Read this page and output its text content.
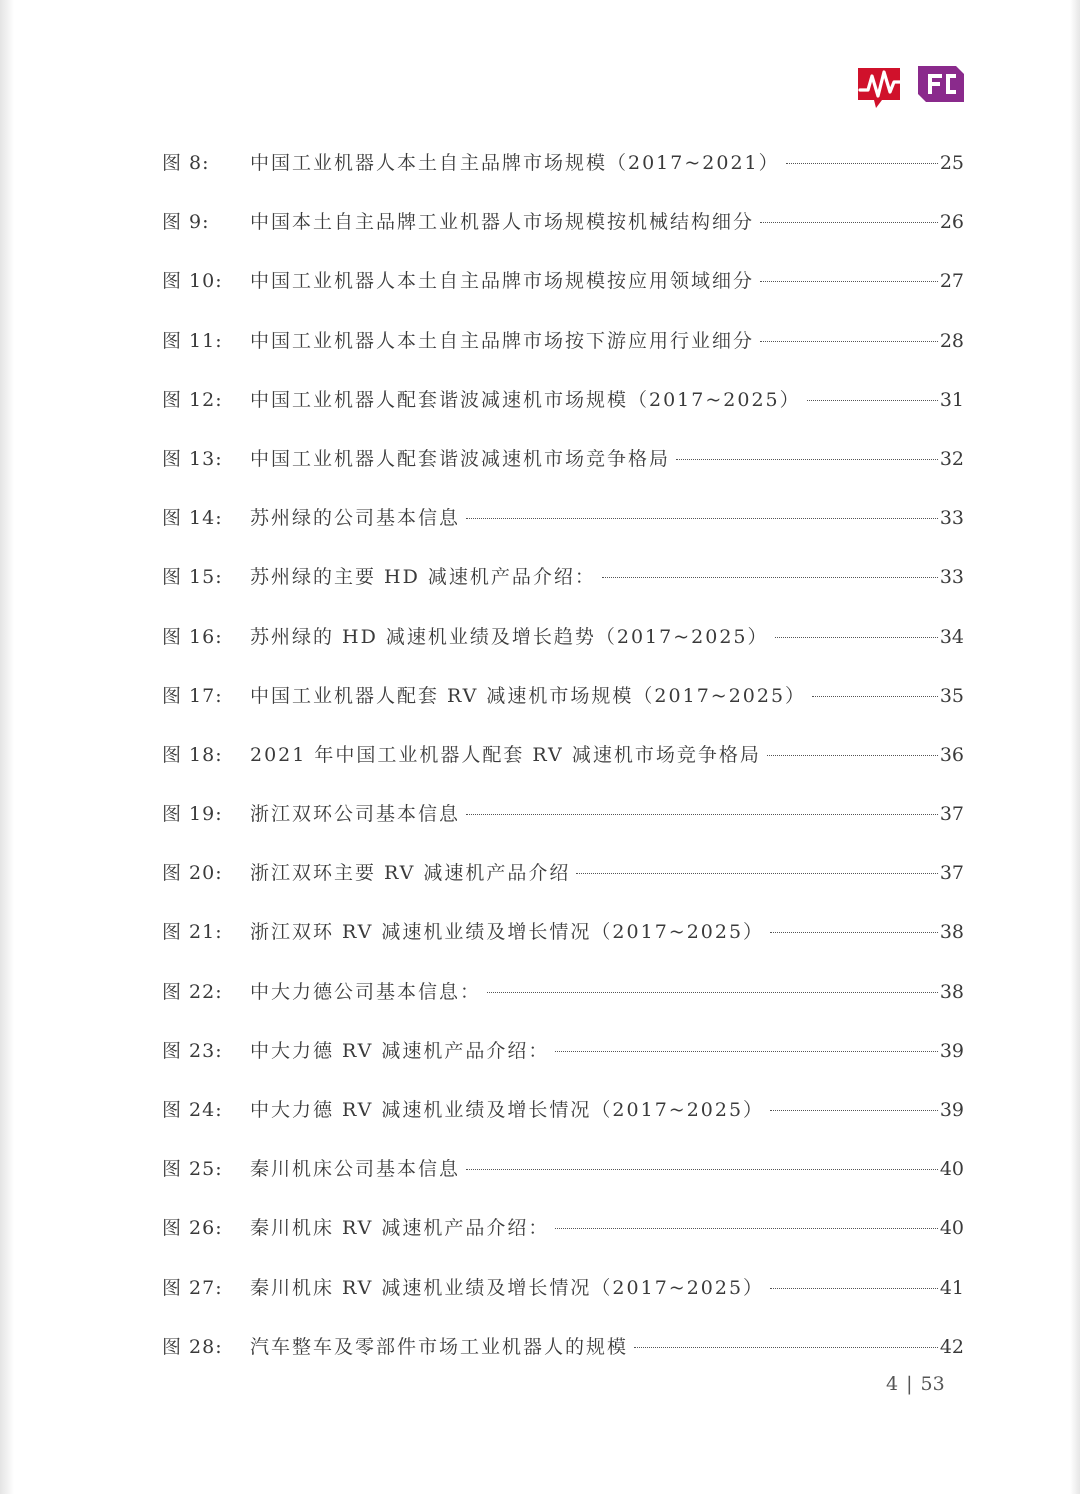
图 8:	中国工业机器人本土自主品牌市场规模（2017~2021）	25
图 9:	中国本土自主品牌工业机器人市场规模按机械结构细分	26
图 10:	中国工业机器人本土自主品牌市场规模按应用领域细分	27
图 11:	中国工业机器人本土自主品牌市场按下游应用行业细分	28
图 12:	中国工业机器人配套谐波减速机市场规模（2017~2025）	31
图 13:	中国工业机器人配套谐波减速机市场竞争格局	32
图 14:	苏州绿的公司基本信息	33
图 15:	苏州绿的主要 HD 减速机产品介绍：	33
图 16:	苏州绿的 HD 减速机业绩及增长趋势（2017~2025）	34
图 17:	中国工业机器人配套 RV 减速机市场规模（2017~2025）	35
图 18:	2021 年中国工业机器人配套 RV 减速机市场竞争格局	36
图 19:	浙江双环公司基本信息	37
图 20:	浙江双环主要 RV 减速机产品介绍	37
图 21:	浙江双环 RV 减速机业绩及增长情况（2017~2025）	38
图 22:	中大力德公司基本信息：	38
图 23:	中大力德 RV 减速机产品介绍：	39
图 24:	中大力德 RV 减速机业绩及增长情况（2017~2025）	39
图 25:	秦川机床公司基本信息	40
图 26:	秦川机床 RV 减速机产品介绍：	40
图 27:	秦川机床 RV 减速机业绩及增长情况（2017~2025）	41
图 28:	汽车整车及零部件市场工业机器人的规模	42
4 | 53
